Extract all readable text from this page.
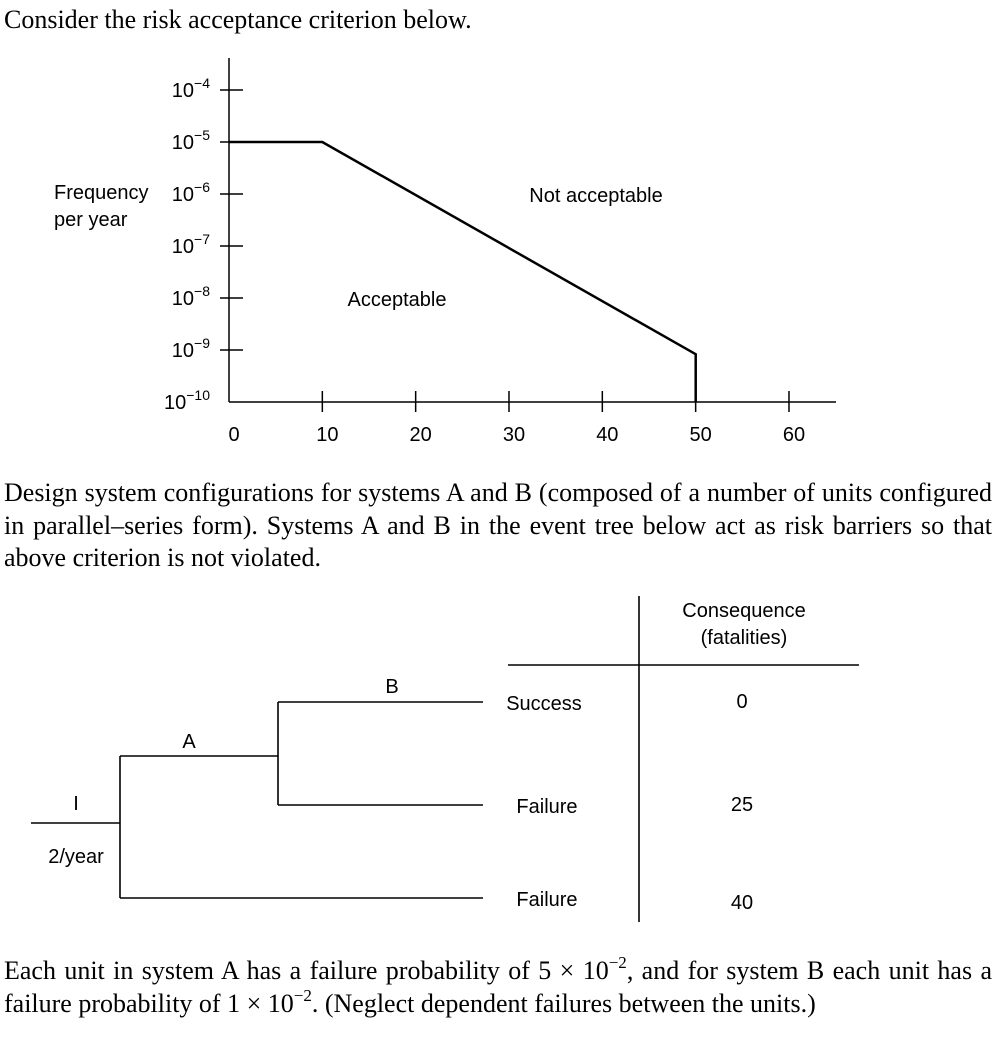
Consider the risk acceptance criterion below.
Frequency
per year
$10^{-4}$
$10^{-5}$
$10^{-6}$
$10^{-7}$
$10^{-8}$
$10^{-9}$
$10^{-10}$
0	10	20	30	40	50	60
Not acceptable
Acceptable
Design system configurations for systems A and B (composed of a number of units configured in parallel–series form). Systems A and B in the event tree below act as risk barriers so that above criterion is not violated.
Consequence
(fatalities)
B
A
I
2/year
Success	0
Failure	25
Failure	40
Each unit in system A has a failure probability of $5 \times 10^{-2}$, and for system B each unit has a failure probability of $1 \times 10^{-2}$. (Neglect dependent failures between the units.)
